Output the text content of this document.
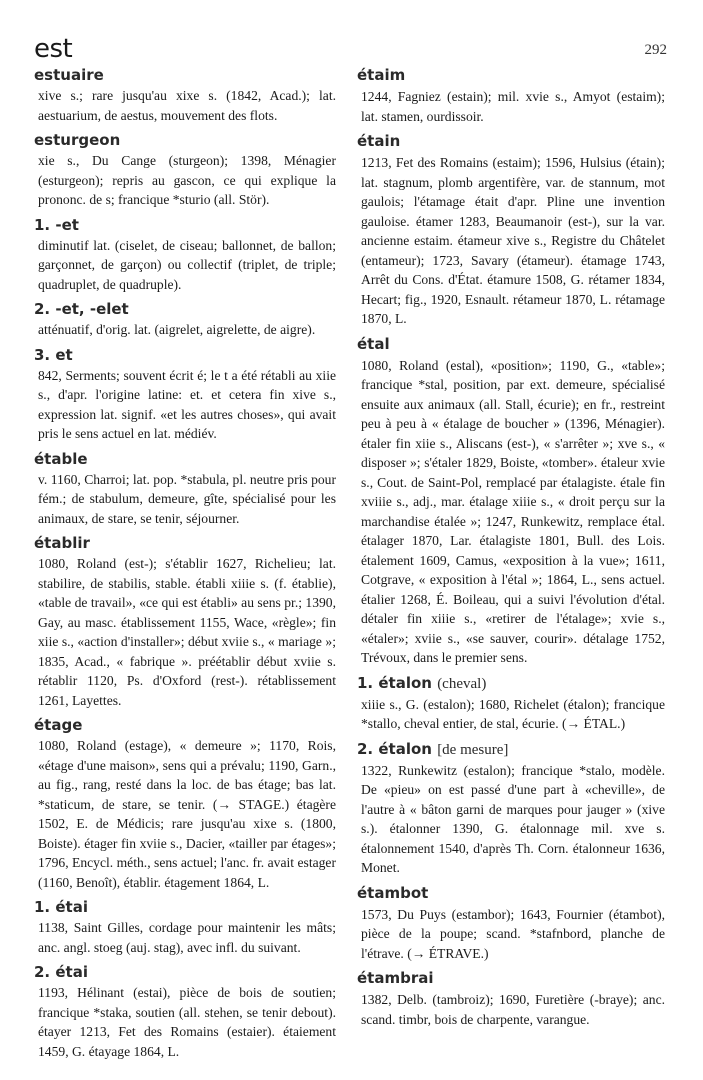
est	292
estuaire

xive s.; rare jusqu'au xixe s. (1842, Acad.); lat. aestuarium, de aestus, mouvement des flots.

esturgeon

xie s., Du Cange (sturgeon); 1398, Ménagier (esturgeon); repris au gascon, ce qui explique la prononc. de s; francique *sturio (all. Stör).

1. -et

diminutif lat. (ciselet, de ciseau; ballonnet, de ballon; garçonnet, de garçon) ou collectif (triplet, de triple; quadruplet, de quadruple).

2. -et, -elet

atténuatif, d'orig. lat. (aigrelet, aigrelette, de aigre).

3. et

842, Serments; souvent écrit é; le t a été rétabli au xiie s., d'apr. l'origine latine: et. et cetera fin xive s., expression lat. signif. «et les autres choses», qui avait pris le sens actuel en lat. médiév.

étable

v. 1160, Charroi; lat. pop. *stabula, pl. neutre pris pour fém.; de stabulum, demeure, gîte, spécialisé pour les animaux, de stare, se tenir, séjourner.

établir

1080, Roland (est-); s'établir 1627, Richelieu; lat. stabilire, de stabilis, stable. établi xiiie s. (f. établie), «table de travail», «ce qui est établi» au sens pr.; 1390, Gay, au masc. établissement 1155, Wace, «règle»; fin xiie s., «action d'installer»; début xviie s., « mariage »; 1835, Acad., « fabrique ». préétablir début xviie s. rétablir 1120, Ps. d'Oxford (rest-). rétablissement 1261, Layettes.

étage

1080, Roland (estage), « demeure »; 1170, Rois, «étage d'une maison», sens qui a prévalu; 1190, Garn., au fig., rang, resté dans la loc. de bas étage; bas lat. *staticum, de stare, se tenir. (→ STAGE.) étagère 1502, E. de Médicis; rare jusqu'au xixe s. (1800, Boiste). étager fin xviie s., Dacier, «tailler par étages»; 1796, Encycl. méth., sens actuel; l'anc. fr. avait estager (1160, Benoît), établir. étagement 1864, L.

1. étai

1138, Saint Gilles, cordage pour maintenir les mâts; anc. angl. stoeg (auj. stag), avec infl. du suivant.

2. étai

1193, Hélinant (estai), pièce de bois de soutien; francique *staka, soutien (all. stehen, se tenir debout). étayer 1213, Fet des Romains (estaier). étaiement 1459, G. étayage 1864, L.

étaim

1244, Fagniez (estain); mil. xvie s., Amyot (estaim); lat. stamen, ourdissoir.

étain

1213, Fet des Romains (estaim); 1596, Hulsius (étain); lat. stagnum, plomb argentifère, var. de stannum, mot gaulois; l'étamage était d'apr. Pline une invention gauloise. étamer 1283, Beaumanoir (est-), sur la var. ancienne estaim. étameur xive s., Registre du Châtelet (entameur); 1723, Savary (étameur). étamage 1743, Arrêt du Cons. d'État. étamure 1508, G. rétamer 1834, Hecart; fig., 1920, Esnault. rétameur 1870, L. rétamage 1870, L.

étal

1080, Roland (estal), «position»; 1190, G., «table»; francique *stal, position, par ext. demeure, spécialisé ensuite aux animaux (all. Stall, écurie); en fr., restreint peu à peu à « étalage de boucher » (1396, Ménagier). étaler fin xiie s., Aliscans (est-), « s'arrêter »; xve s., « disposer »; s'étaler 1829, Boiste, «tomber». étaleur xvie s., Cout. de Saint-Pol, remplacé par étalagiste. étale fin xviiie s., adj., mar. étalage xiiie s., « droit perçu sur la marchandise étalée »; 1247, Runkewitz, remplace étal. étalager 1870, Lar. étalagiste 1801, Bull. des Lois. étalement 1609, Camus, «exposition à la vue»; 1611, Cotgrave, « exposition à l'étal »; 1864, L., sens actuel. étalier 1268, É. Boileau, qui a suivi l'évolution d'étal. détaler fin xiiie s., «retirer de l'étalage»; xvie s., «étaler»; xviie s., «se sauver, courir». détalage 1752, Trévoux, dans le premier sens.

1. étalon (cheval)

xiiie s., G. (estalon); 1680, Richelet (étalon); francique *stallo, cheval entier, de stal, écurie. (→ ÉTAL.)

2. étalon [de mesure]

1322, Runkewitz (estalon); francique *stalo, modèle. De «pieu» on est passé d'une part à «cheville», de l'autre à « bâton garni de marques pour jauger » (xive s.). étalonner 1390, G. étalonnage mil. xve s. étalonnement 1540, d'après Th. Corn. étalonneur 1636, Monet.

étambot

1573, Du Puys (estambor); 1643, Fournier (étambot), pièce de la poupe; scand. *stafnbord, planche de l'étrave. (→ ÉTRAVE.)

étambrai

1382, Delb. (tambroiz); 1690, Furetière (-braye); anc. scand. timbr, bois de charpente, varangue.
